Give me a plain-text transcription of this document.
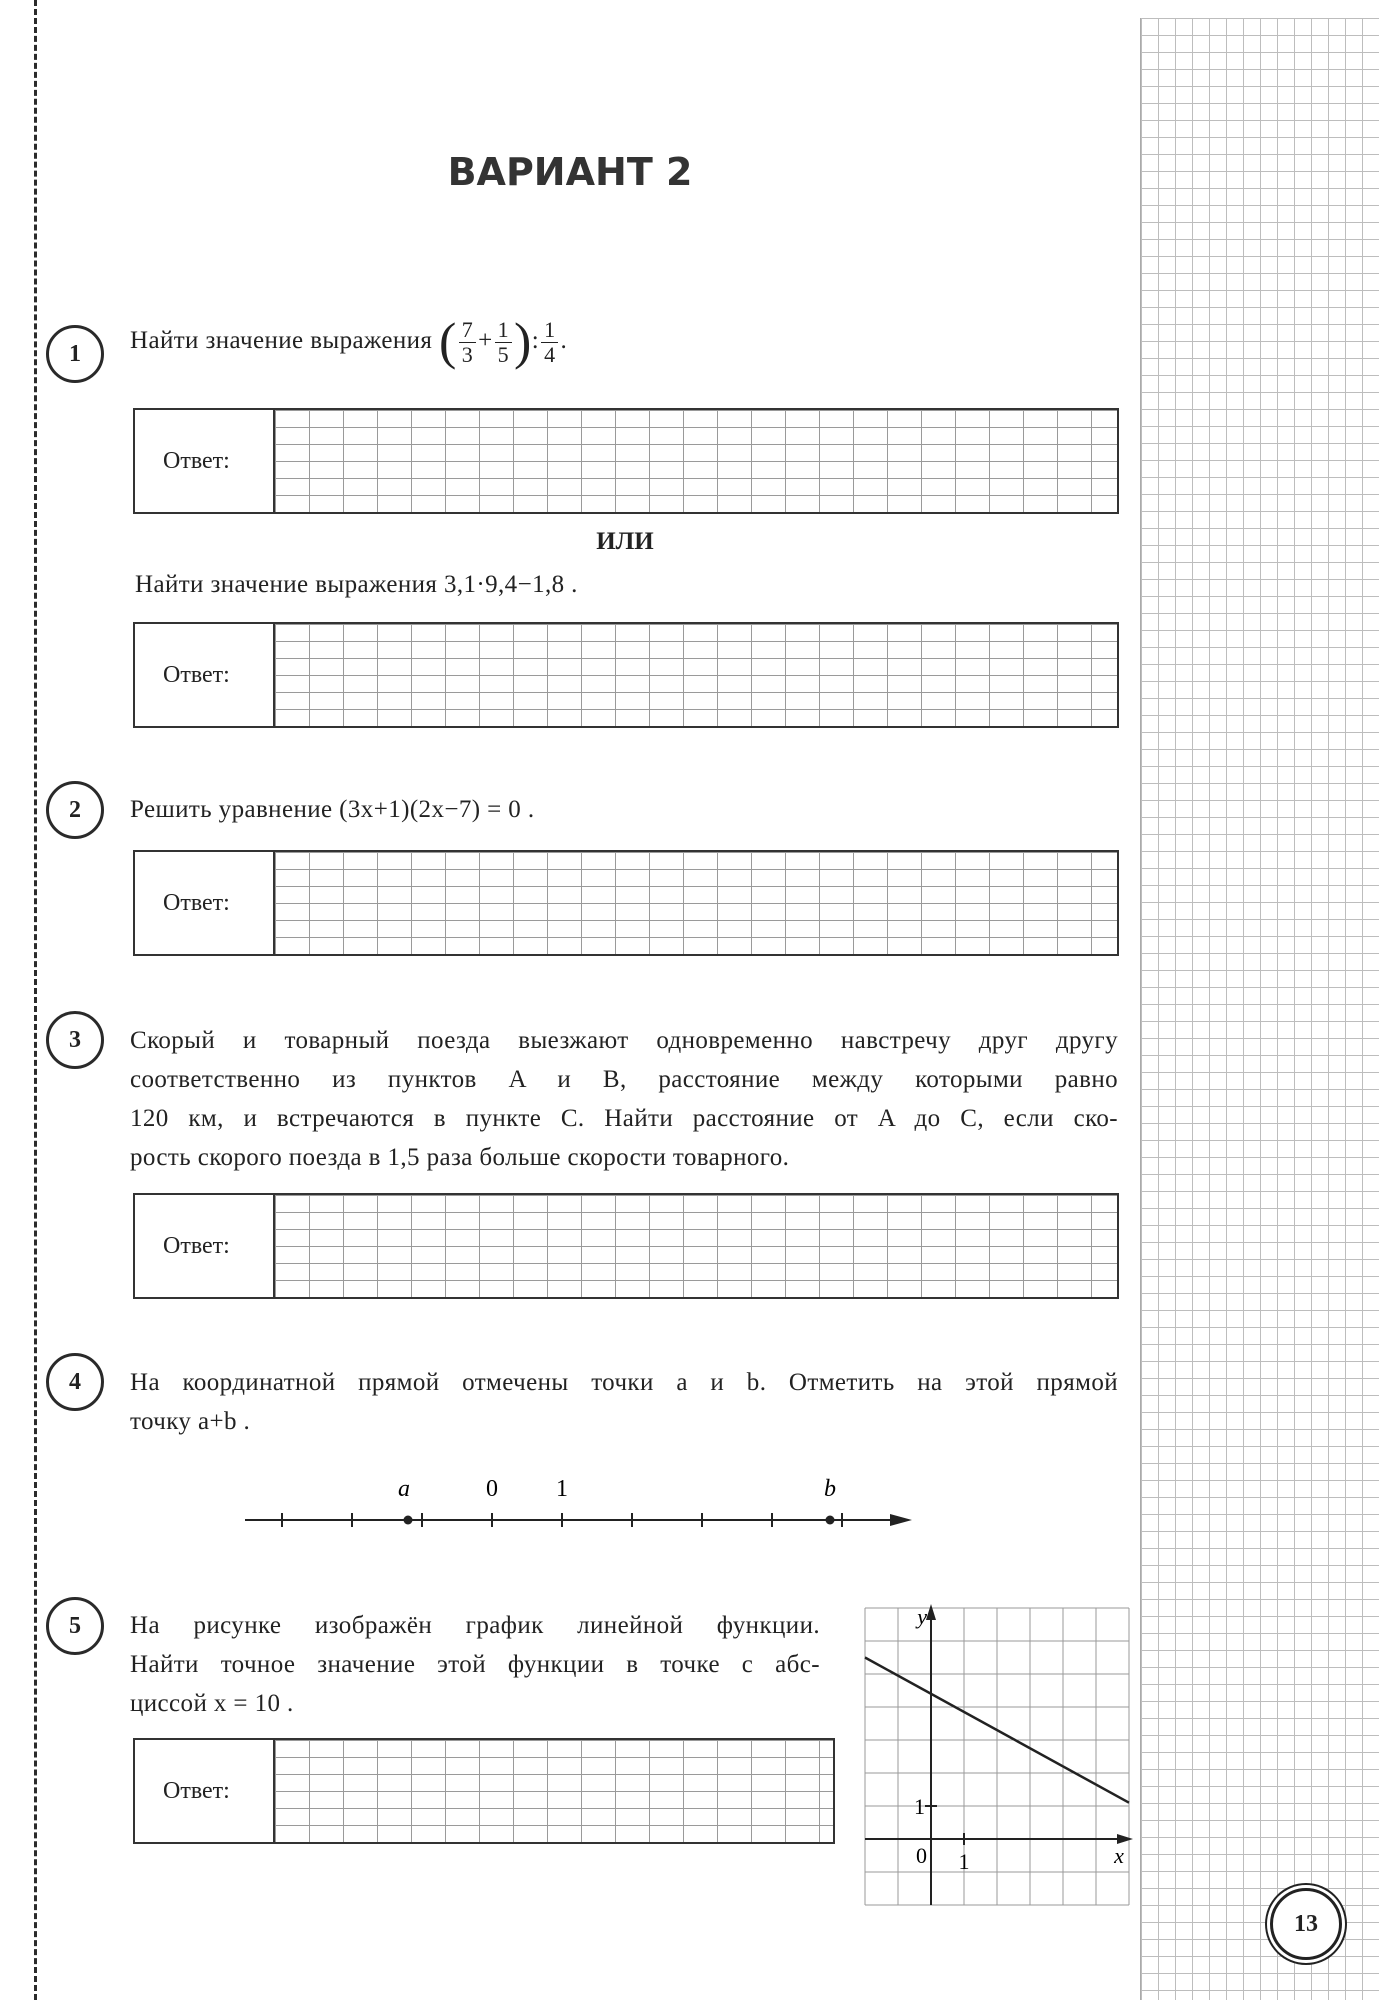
ВАРИАНТ 2
1	Найти значение выражения ( $\frac{7}{3} + \frac{1}{5}$ ): $\frac{1}{4}$ .
Ответ:
ИЛИ
Найти значение выражения 3,1·9,4−1,8 .
Ответ:
2	Решить уравнение (3x+1)(2x−7) = 0 .
Ответ:
3	Скорый и товарный поезда выезжают одновременно навстречу друг другу
соответственно из пунктов A и B, расстояние между которыми равно
120 км, и встречаются в пункте C. Найти расстояние от A до C, если ско-
рость скорого поезда в 1,5 раза больше скорости товарного.
Ответ:
4	На координатной прямой отмечены точки a и b. Отметить на этой прямой
точку a+b .
a	0 1	b
5	На рисунке изображён график линейной функции.
Найти точное значение этой функции в точке с абс-
циссой x = 10 .
Ответ:
y
x
0 1
1
13
